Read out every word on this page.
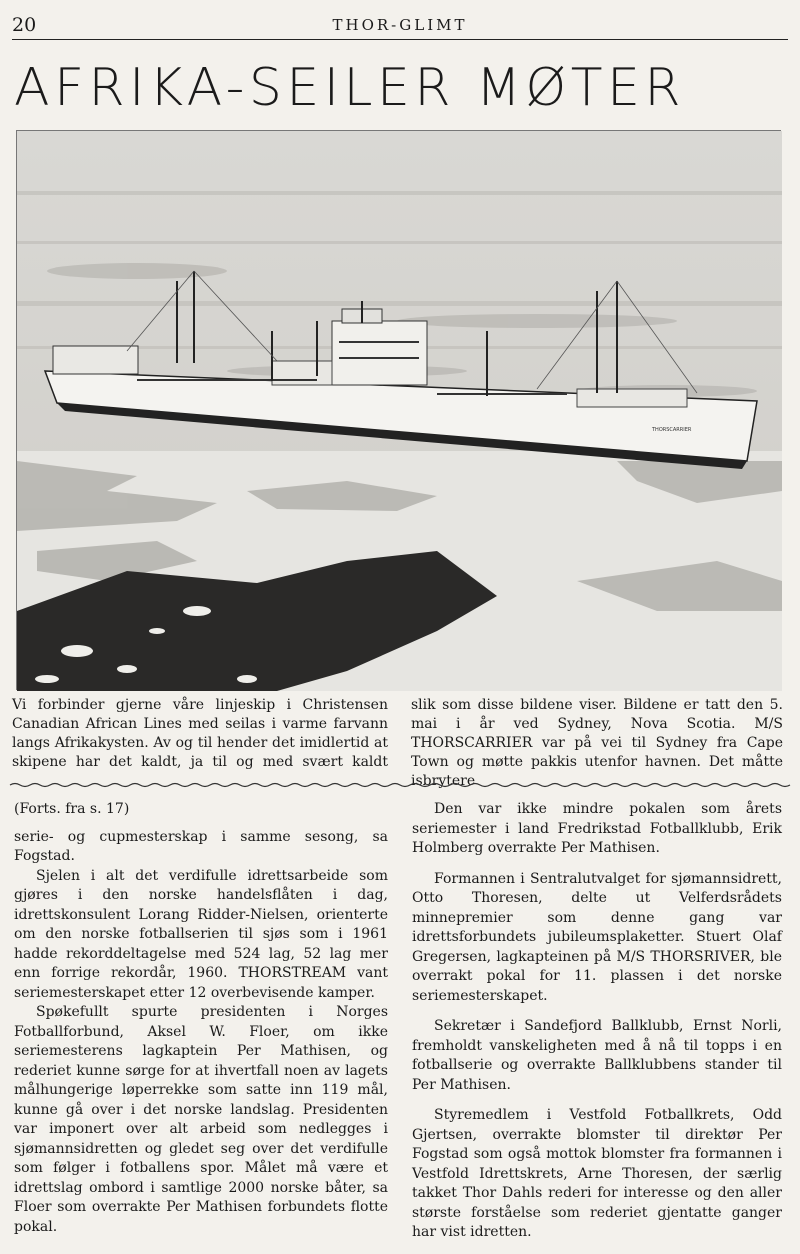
20	THOR-GLIMT
AFRIKA-SEILER MØTER
THORSCARRIER

Vi forbinder gjerne våre linjeskip i Christensen Canadian African Lines med seilas i varme farvann langs Afrikakysten. Av og til hender det imidlertid at skipene har det kaldt, ja til og med svært kaldt

slik som disse bildene viser. Bildene er tatt den 5. mai i år ved Sydney, Nova Scotia. M/S THORSCARRIER var på vei til Sydney fra Cape Town og møtte pakkis utenfor havnen. Det måtte isbrytere

(Forts. fra s. 17)

serie- og cupmesterskap i samme sesong, sa Fogstad.

Sjelen i alt det verdifulle idrettsarbeide som gjøres i den norske handelsflåten i dag, idrettskonsulent Lorang Ridder-Nielsen, orienterte om den norske fotballserien til sjøs som i 1961 hadde rekorddeltagelse med 524 lag, 52 lag mer enn forrige rekordår, 1960. THORSTREAM vant seriemesterskapet etter 12 overbevisende kamper.

Spøkefullt spurte presidenten i Norges Fotballforbund, Aksel W. Floer, om ikke seriemesterens lagkaptein Per Mathisen, og rederiet kunne sørge for at ihvertfall noen av lagets målhungerige løperrekke som satte inn 119 mål, kunne gå over i det norske landslag. Presidenten var imponert over alt arbeid som nedlegges i sjømannsidretten og gledet seg over det verdifulle som følger i fotballens spor. Målet må være et idrettslag ombord i samtlige 2000 norske båter, sa Floer som overrakte Per Mathisen forbundets flotte pokal.

Den var ikke mindre pokalen som årets seriemester i land Fredrikstad Fotballklubb, Erik Holmberg overrakte Per Mathisen.

Formannen i Sentralutvalget for sjømannsidrett, Otto Thoresen, delte ut Velferdsrådets minnepremier som denne gang var idrettsforbundets jubileumsplaketter. Stuert Olaf Gregersen, lagkapteinen på M/S THORSRIVER, ble overrakt pokal for 11. plassen i det norske seriemesterskapet.

Sekretær i Sandefjord Ballklubb, Ernst Norli, fremholdt vanskeligheten med å nå til topps i en fotballserie og overrakte Ballklubbens stander til Per Mathisen.

Styremedlem i Vestfold Fotballkrets, Odd Gjertsen, overrakte blomster til direktør Per Fogstad som også mottok blomster fra formannen i Vestfold Idrettskrets, Arne Thoresen, der særlig takket Thor Dahls rederi for interesse og den aller største forståelse som rederiet gjentatte ganger har vist idretten.
